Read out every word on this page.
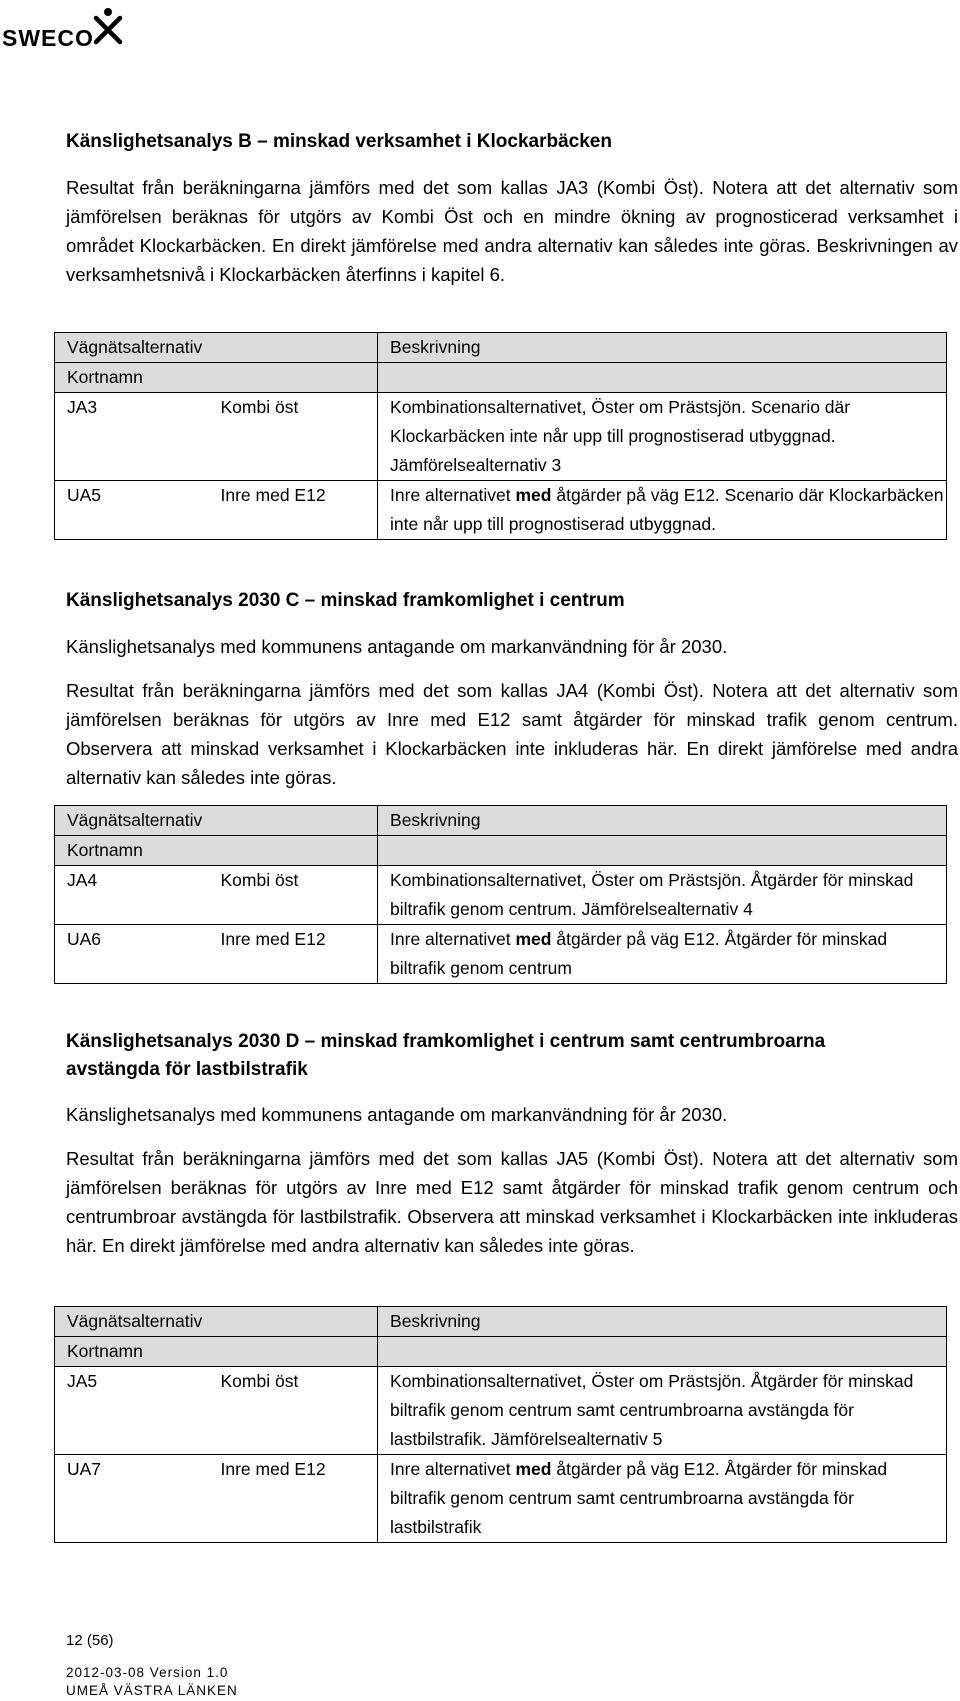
SWECO
Känslighetsanalys B – minskad verksamhet i Klockarbäcken

Resultat från beräkningarna jämförs med det som kallas JA3 (Kombi Öst). Notera att det alternativ som jämförelsen beräknas för utgörs av Kombi Öst och en mindre ökning av prognosticerad verksamhet i området Klockarbäcken. En direkt jämförelse med andra alternativ kan således inte göras. Beskrivningen av verksamhetsnivå i Klockarbäcken återfinns i kapitel 6.

Vägnätsalternativ		Beskrivning
Kortnamn		
JA3	Kombi öst	Kombinationsalternativet, Öster om Prästsjön. Scenario där Klockarbäcken inte når upp till prognostiserad utbyggnad. Jämförelsealternativ 3
UA5	Inre med E12	Inre alternativet med åtgärder på väg E12. Scenario där Klockarbäcken inte når upp till prognostiserad utbyggnad.
Känslighetsanalys 2030 C – minskad framkomlighet i centrum

Känslighetsanalys med kommunens antagande om markanvändning för år 2030.

Resultat från beräkningarna jämförs med det som kallas JA4 (Kombi Öst). Notera att det alternativ som jämförelsen beräknas för utgörs av Inre med E12 samt åtgärder för minskad trafik genom centrum. Observera att minskad verksamhet i Klockarbäcken inte inkluderas här. En direkt jämförelse med andra alternativ kan således inte göras.

Vägnätsalternativ		Beskrivning
Kortnamn		
JA4	Kombi öst	Kombinationsalternativet, Öster om Prästsjön. Åtgärder för minskad biltrafik genom centrum. Jämförelsealternativ 4
UA6	Inre med E12	Inre alternativet med åtgärder på väg E12. Åtgärder för minskad biltrafik genom centrum
Känslighetsanalys 2030 D – minskad framkomlighet i centrum samt centrumbroarna avstängda för lastbilstrafik

Känslighetsanalys med kommunens antagande om markanvändning för år 2030.

Resultat från beräkningarna jämförs med det som kallas JA5 (Kombi Öst). Notera att det alternativ som jämförelsen beräknas för utgörs av Inre med E12 samt åtgärder för minskad trafik genom centrum och centrumbroar avstängda för lastbilstrafik. Observera att minskad verksamhet i Klockarbäcken inte inkluderas här. En direkt jämförelse med andra alternativ kan således inte göras.

Vägnätsalternativ		Beskrivning
Kortnamn		
JA5	Kombi öst	Kombinationsalternativet, Öster om Prästsjön. Åtgärder för minskad biltrafik genom centrum samt centrumbroarna avstängda för lastbilstrafik. Jämförelsealternativ 5
UA7	Inre med E12	Inre alternativet med åtgärder på väg E12. Åtgärder för minskad biltrafik genom centrum samt centrumbroarna avstängda för lastbilstrafik
12 (56)
2012-03-08 Version 1.0
UMEÅ VÄSTRA LÄNKEN
